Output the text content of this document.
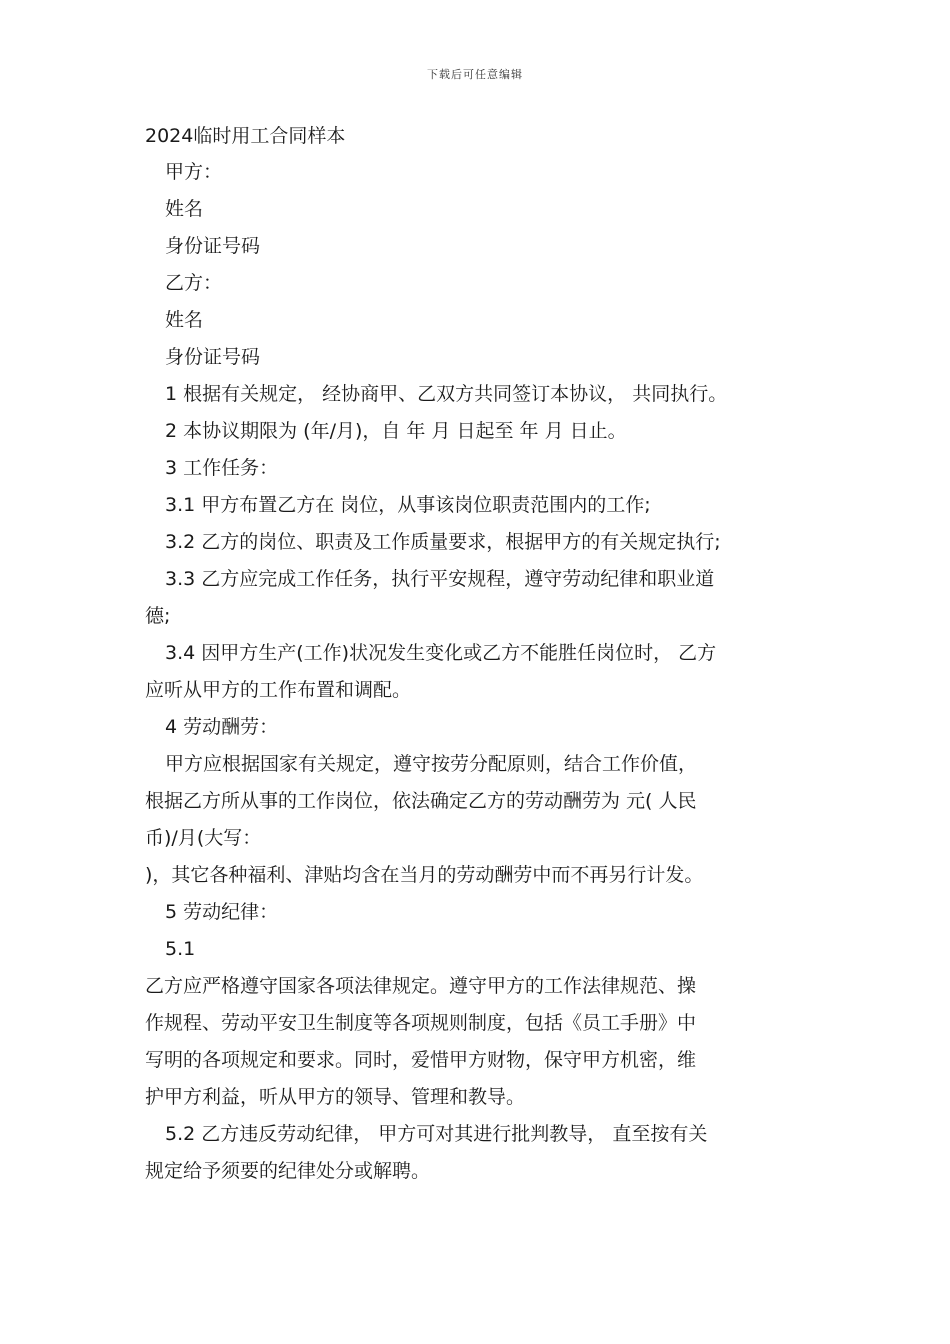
下载后可任意编辑

2024临时用工合同样本

甲方：

姓名

身份证号码

乙方：

姓名

身份证号码

1 根据有关规定， 经协商甲、乙双方共同签订本协议， 共同执行。

2 本协议期限为 (年/月)，自 年 月 日起至 年 月 日止。

3 工作任务：

3.1 甲方布置乙方在 岗位，从事该岗位职责范围内的工作;

3.2 乙方的岗位、职责及工作质量要求，根据甲方的有关规定执行;

3.3 乙方应完成工作任务，执行平安规程，遵守劳动纪律和职业道

德;

3.4 因甲方生产(工作)状况发生变化或乙方不能胜任岗位时， 乙方

应听从甲方的工作布置和调配。

4 劳动酬劳：

甲方应根据国家有关规定，遵守按劳分配原则，结合工作价值，

根据乙方所从事的工作岗位，依法确定乙方的劳动酬劳为 元( 人民

币)/月(大写：

)，其它各种福利、津贴均含在当月的劳动酬劳中而不再另行计发。

5 劳动纪律：

5.1

乙方应严格遵守国家各项法律规定。遵守甲方的工作法律规范、操

作规程、劳动平安卫生制度等各项规则制度，包括《员工手册》中

写明的各项规定和要求。同时，爱惜甲方财物，保守甲方机密，维

护甲方利益，听从甲方的领导、管理和教导。

5.2 乙方违反劳动纪律， 甲方可对其进行批判教导， 直至按有关

规定给予须要的纪律处分或解聘。
